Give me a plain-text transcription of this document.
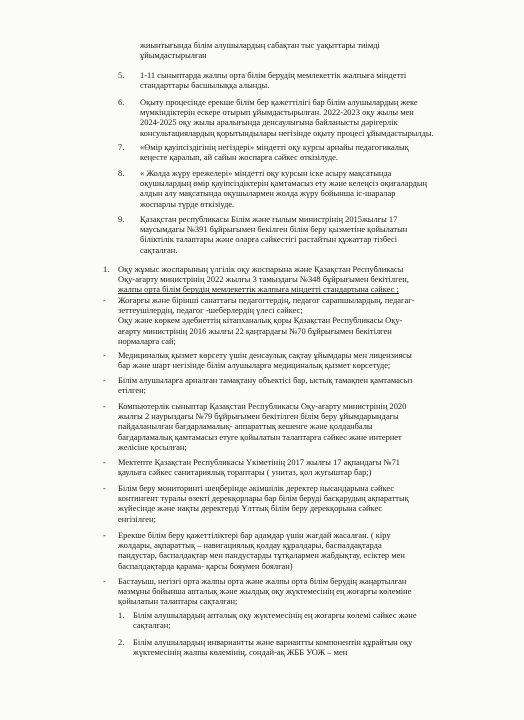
жиынтығында білім алушылардың сабақтан тыс уақыттары тиімді
ұйымдастырылған
5. 1-11 сыныптарда жалпы орта білім берудің мемлекеттік жалпыға міндетті
стандарттары басшылыққа алынды.
6. Оқыту процесінде ерекше білім бер қажеттілігі бар білім алушылардың жеке
мүмкіндіктерін ескере отырып ұйымдастырылған. 2022-2023 оқу жылы мен
2024-2025 оқу жылы аралығында денсаулығына байланысты дәрігерлік
консультациялардың қорытындылары негізінде оқыту процесі ұйымдастырылды.
7. «Өмір қауіпсіздігінің негіздері» міндетті оқу курсы арнайы педагогикалық
кеңесте қаралып, ай сайын жоспарға сәйкес өткізілуде.
8. « Жолда жүру ережелері» міндетті оқу курсын іске асыру мақсатында
оқушылардың өмір қауіпсіздіктерін қамтамасыз ету және келеңсіз оқиғалардың
алдын алу мақсатында оқушылармен жолда жүру бойынша іс-шаралар
жоспарлы түрде өткізіуде.
9. Қазақстан республикасы Білім және ғылым министрінің 2015жылғы 17
маусымдағы №391 бұйрығымен бекілген білім беру қызметіне қойылатын
біліктілік талаптары және оларға сәйкестігі растайтын құжаттар тізбесі
сақталған.
1. Оқу жұмыс жоспарының үлгілік оқу жоспарына және Қазақстан Республикасы
Оқу-ағарту министрінің 2022 жылғы 3 тамыздағы №348 бұйрығымен бекітілген,
жалпы орта білім берудің мемлекеттік жалпыға міндетті стандартына сәйкес ;
- Жоғарғы және бірінші санаттағы педагогтердің, педагог сарапшылардың, педагаг-
зеттеушілердің, педагог -шеберлердің үлесі сәйкес;
Оқу және көркем әдебиеттің кітапханалық қоры Қазақстан Республикасы Оқу-
ағарту министрінің 2016 жылғы 22 қаңтардағы №70 бұйрығымен бекітілген
нормаларға сай;
- Медициналық қызмет көрсету үшін денсаулық сақтау ұйымдары мен лицензиясы
бар және шарт негізінде білім алушыларға медициналық қызмет көрсетуде;
- Білім алушыларға арналған тамақтану объектісі бар, ыстық тамақпен қамтамасыз
етілген;
- Компьютерлік сыныптар Қазақстан Республикасы Оқу-ағарту министрінің 2020
жылғы 2 наурыздағы №79 бұйрығымен бекітілген білім беру ұйымдарындағы
пайдаланылған бағдарламалық- аппараттық кешенге және қолданбалы
бағдарламалық қамтамасыз етуге қойылатын талаптарға сәйкес және интернет
желісіне қосылған;
- Мектепте Қазақстан Республикасы Үкіметінің 2017 жылғы 17 ақпандағы №71
қаулыға сәйкес санитариялық тораптары ( унитаз, қол жуғыштар бар;)
- Білім беру мониторингі шеңберінде әкімшілік деректер нысандарына сәйкес
контингент туралы өзекті дерекқорлары бар білім беруді басқарудың ақпараттық
жүйесінде және нақты деректерді Ұлттық білім беру дерекқорына сәйкес
енгізілген;
- Ерекше білім беру қажеттіліктері бар адамдар үшін жағдай жасалған. ( кіру
жолдары, ақпараттық – навигациялық қолдау құралдары, баспалдақтарда
пандустар, баспалдақтар мен пандустарды тұтқалармен жабдықтау, есіктер мен
баспалдақтарда қарама- қарсы бояумен боялған)
- Бастауыш, негізгі орта жалпы орта және жалпы орта білім берудің жаңартылған
мазмұны бойынша апталық және жылдық оқу жүктемесінің ең жоғарғы көлеміне
қойылатын талаптары сақталған;
1. Білім алушылардың апталық оқу жүктемесінің ең жоғарғы көлемі сәйкес және
сақталған;
2. Білім алушылардың инвариантты және вариантты компонентін құрайтын оқу
жүктемесінің жалпы көлемінің, сондай-ақ ЖББ УОЖ – мен
